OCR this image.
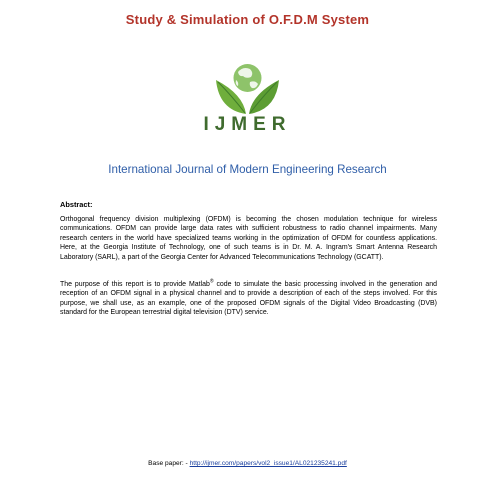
Study & Simulation of O.F.D.M System
IJMER
International Journal of Modern Engineering Research
Abstract:

Orthogonal frequency division multiplexing (OFDM) is becoming the chosen modulation technique for wireless communications. OFDM can provide large data rates with sufficient robustness to radio channel impairments. Many research centers in the world have specialized teams working in the optimization of OFDM for countless applications. Here, at the Georgia Institute of Technology, one of such teams is in Dr. M. A. Ingram's Smart Antenna Research Laboratory (SARL), a part of the Georgia Center for Advanced Telecommunications Technology (GCATT).

The purpose of this report is to provide Matlab® code to simulate the basic processing involved in the generation and reception of an OFDM signal in a physical channel and to provide a description of each of the steps involved. For this purpose, we shall use, as an example, one of the proposed OFDM signals of the Digital Video Broadcasting (DVB) standard for the European terrestrial digital television (DTV) service.

Base paper: - http://ijmer.com/papers/vol2_issue1/AL021235241.pdf
